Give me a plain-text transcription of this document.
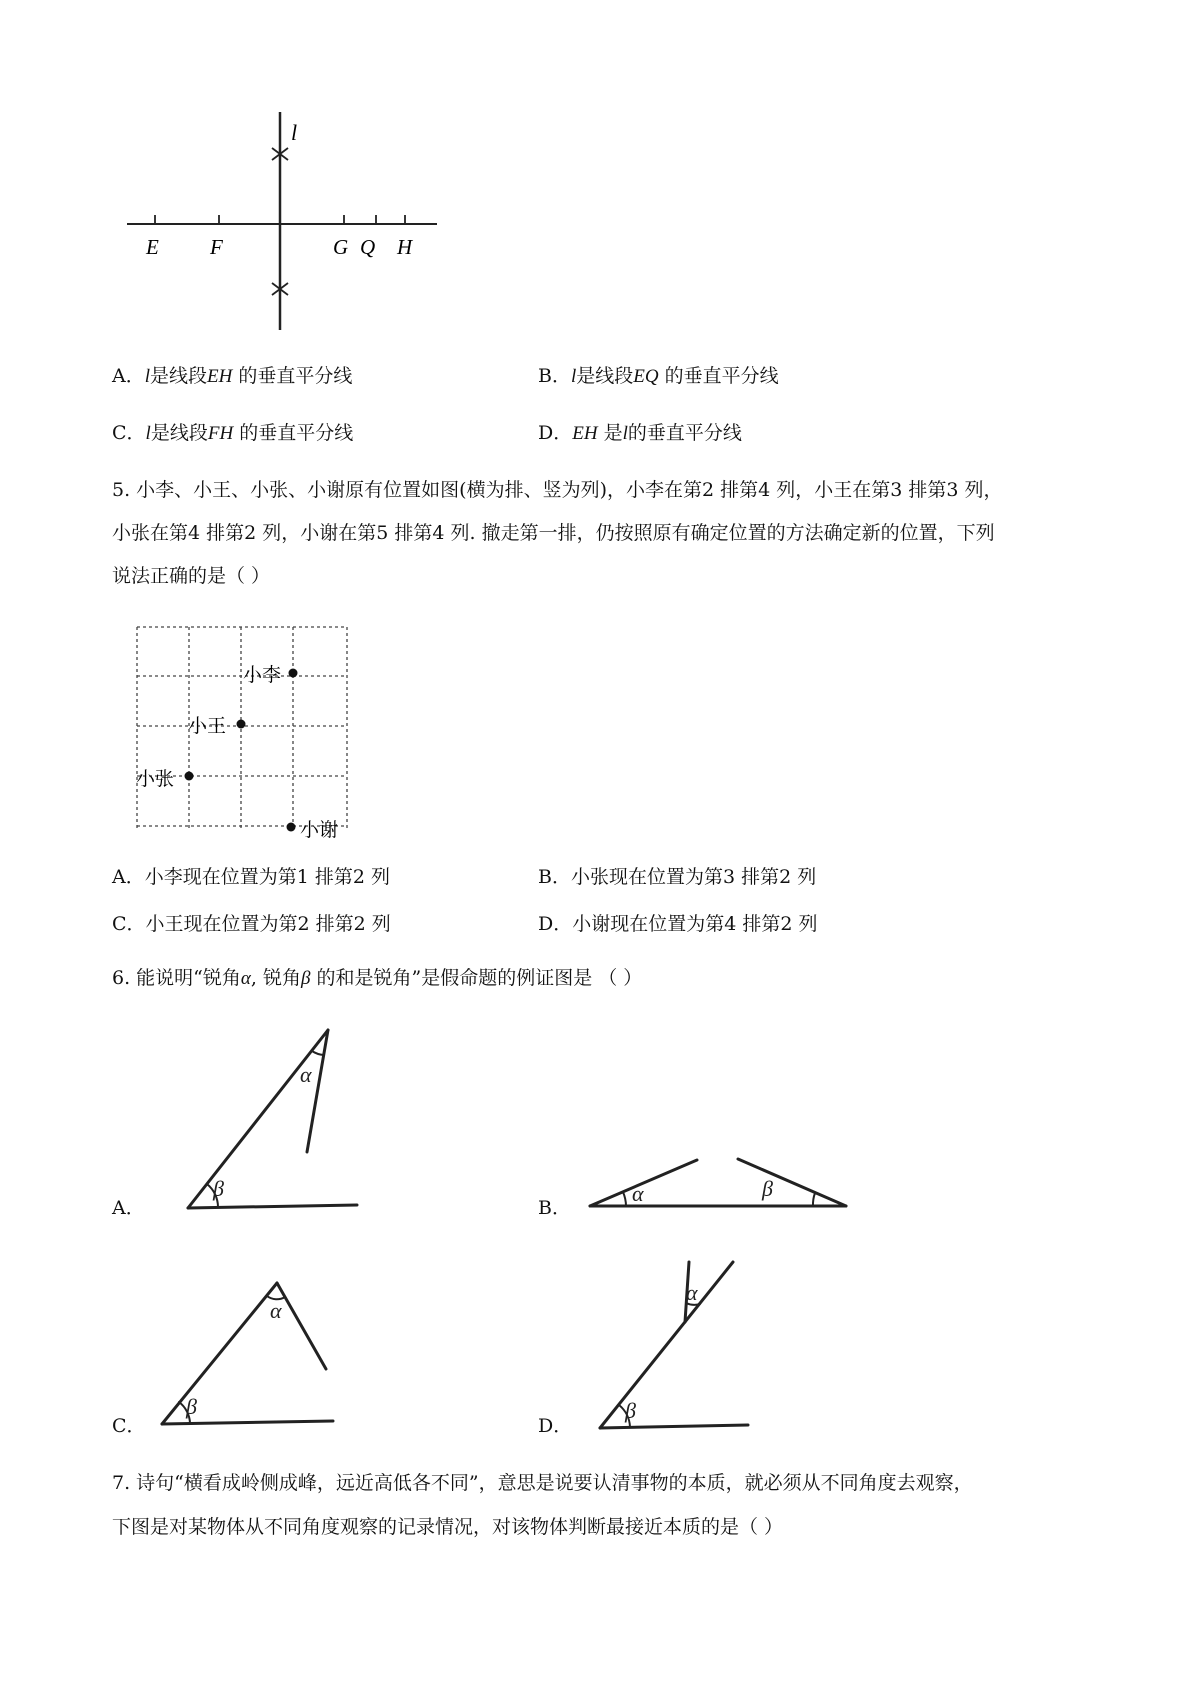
l
E F	G Q H
A．l是线段EH 的垂直平分线	B．l是线段EQ 的垂直平分线
C．l是线段FH 的垂直平分线	D．EH 是l的垂直平分线
5. 小李、小王、小张、小谢原有位置如图(横为排、竖为列)，小李在第2 排第4 列，小王在第3 排第3 列，
小张在第4 排第2 列，小谢在第5 排第4 列. 撤走第一排，仍按照原有确定位置的方法确定新的位置，下列
说法正确的是（ ）
小李
小王
小张
小谢
A．小李现在位置为第1 排第2 列	B．小张现在位置为第3 排第2 列
C．小王现在位置为第2 排第2 列	D．小谢现在位置为第4 排第2 列
6. 能说明“锐角α, 锐角β 的和是锐角”是假命题的例证图是 （ ）
α
β	α	β
α
β
α
β
A．	B．
C．	D．
7. 诗句“横看成岭侧成峰，远近高低各不同”，意思是说要认清事物的本质，就必须从不同角度去观察，
下图是对某物体从不同角度观察的记录情况，对该物体判断最接近本质的是（ ）
